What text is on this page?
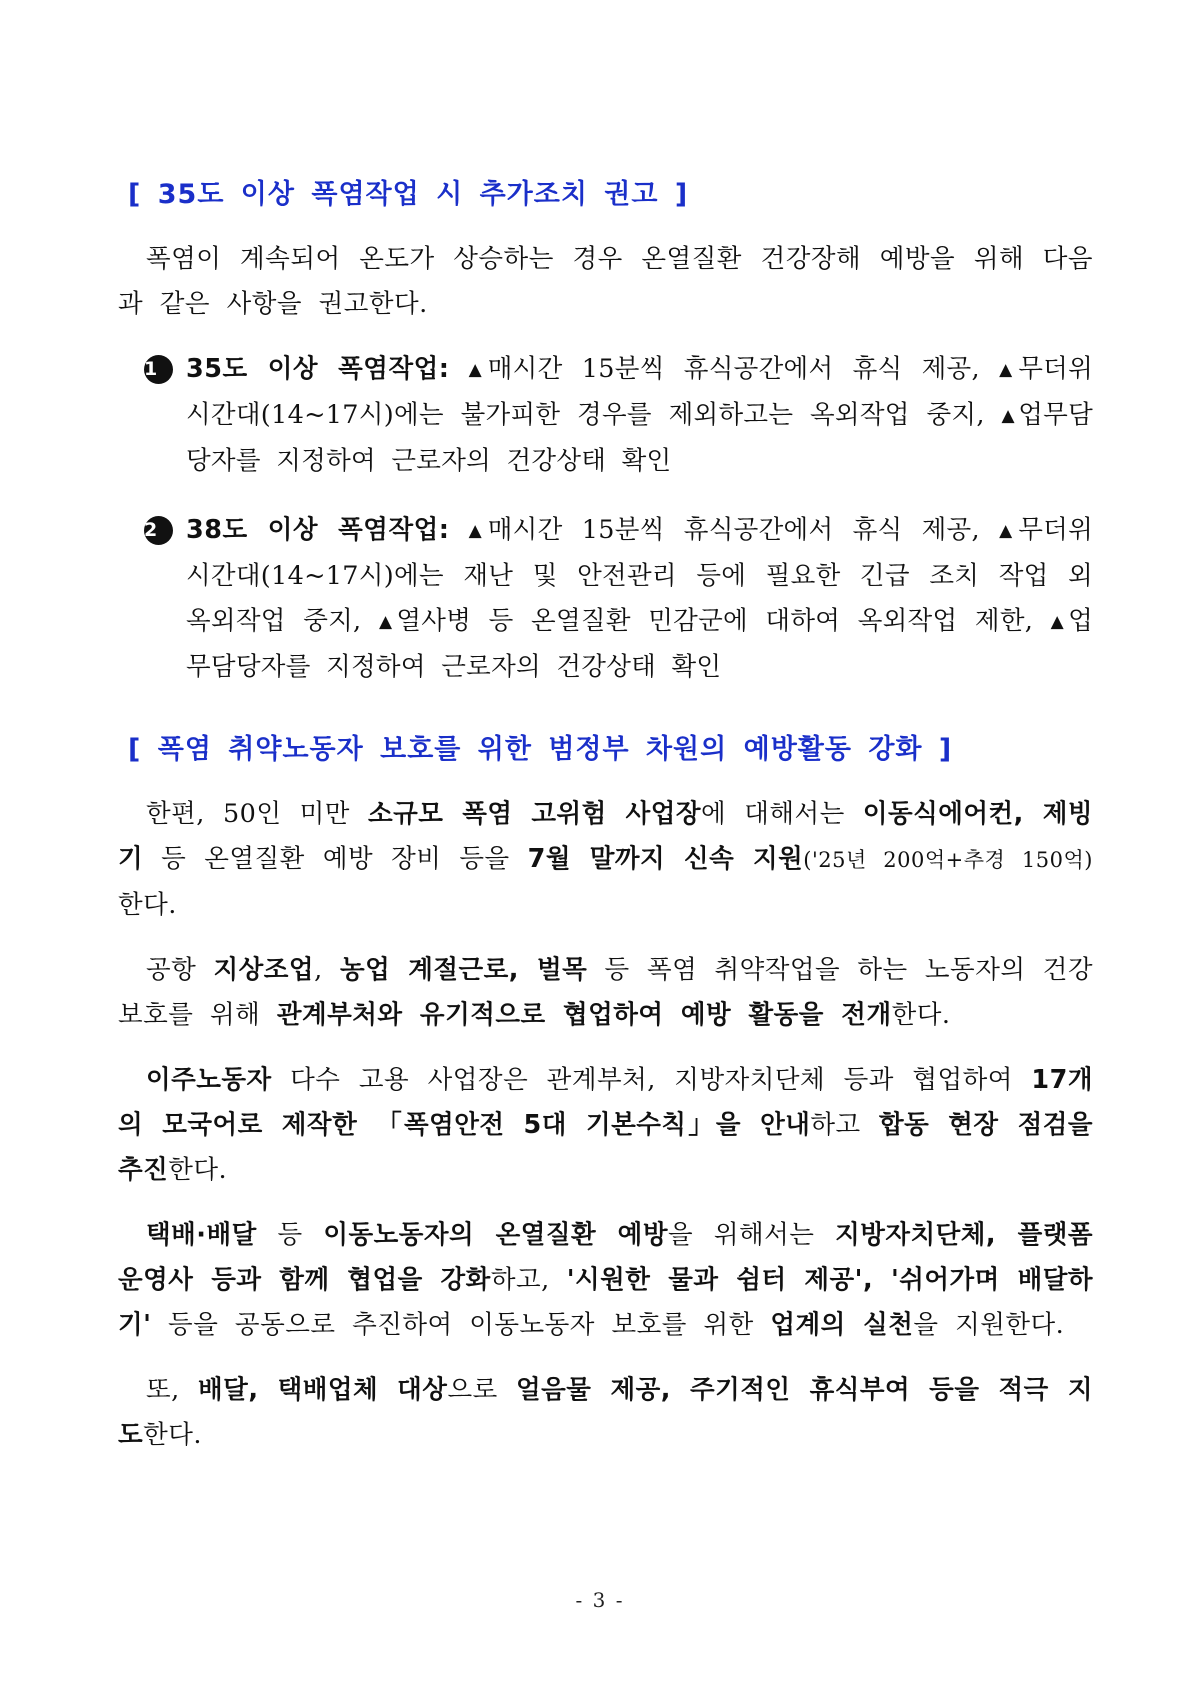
[ 35도 이상 폭염작업 시 추가조치 권고 ]

폭염이 계속되어 온도가 상승하는 경우 온열질환 건강장해 예방을 위해 다음과 같은 사항을 권고한다.

1	35도 이상 폭염작업: ▲매시간 15분씩 휴식공간에서 휴식 제공, ▲무더위 시간대(14~17시)에는 불가피한 경우를 제외하고는 옥외작업 중지, ▲업무담당자를 지정하여 근로자의 건강상태 확인
2	38도 이상 폭염작업: ▲매시간 15분씩 휴식공간에서 휴식 제공, ▲무더위 시간대(14~17시)에는 재난 및 안전관리 등에 필요한 긴급 조치 작업 외 옥외작업 중지, ▲열사병 등 온열질환 민감군에 대하여 옥외작업 제한, ▲업무담당자를 지정하여 근로자의 건강상태 확인
[ 폭염 취약노동자 보호를 위한 범정부 차원의 예방활동 강화 ]

한편, 50인 미만 소규모 폭염 고위험 사업장에 대해서는 이동식에어컨, 제빙기 등 온열질환 예방 장비 등을 7월 말까지 신속 지원('25년 200억+추경 150억)한다.

공항 지상조업, 농업 계절근로, 벌목 등 폭염 취약작업을 하는 노동자의 건강 보호를 위해 관계부처와 유기적으로 협업하여 예방 활동을 전개한다.

이주노동자 다수 고용 사업장은 관계부처, 지방자치단체 등과 협업하여 17개의 모국어로 제작한 「폭염안전 5대 기본수칙」을 안내하고 합동 현장 점검을 추진한다.

택배·배달 등 이동노동자의 온열질환 예방을 위해서는 지방자치단체, 플랫폼 운영사 등과 함께 협업을 강화하고, '시원한 물과 쉼터 제공', '쉬어가며 배달하기' 등을 공동으로 추진하여 이동노동자 보호를 위한 업계의 실천을 지원한다.

또, 배달, 택배업체 대상으로 얼음물 제공, 주기적인 휴식부여 등을 적극 지도한다.

- 3 -
